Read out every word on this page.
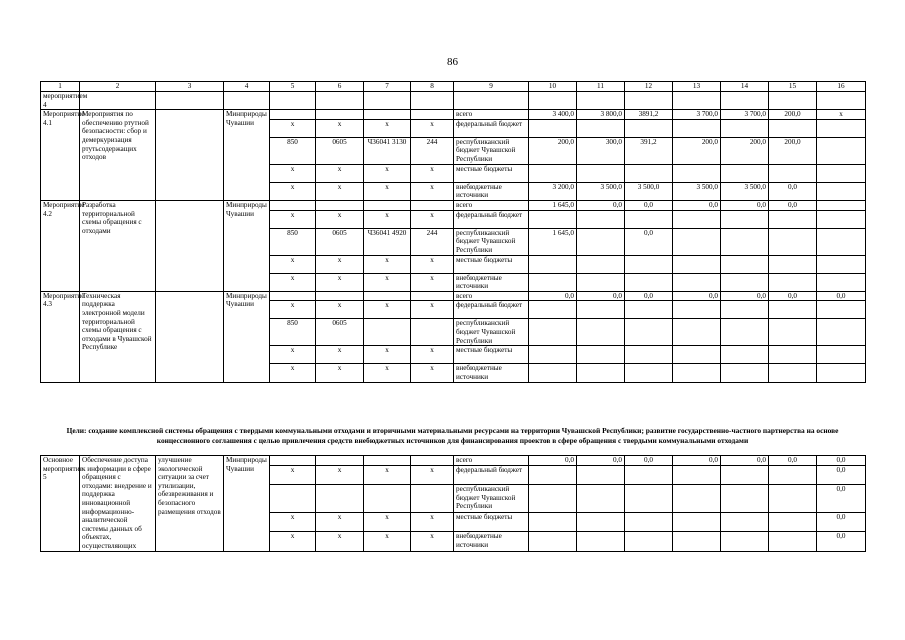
86
1	2	3	4	5	6	7	8	9	10	11	12	13	14	15	16
мероприятием 4															
Мероприятие 4.1	Мероприятия по обеспечению ртутной безопасности: сбор и демеркуризация ртутьсодержащих отходов		Минприроды Чувашии					всего	3 400,0	3 800,0	3891,2	3 700,0	3 700,0	200,0	x
				x	x	x	x	федеральный бюджет							
				850	0605	Ч36041 3130	244	республиканский бюджет Чувашской Республики	200,0	300,0	391,2	200,0	200,0	200,0	
				x	x	x	x	местные бюджеты							
				x	x	x	x	внебюджетные источники	3 200,0	3 500,0	3 500,0	3 500,0	3 500,0	0,0	
Мероприятие 4.2	Разработка территориальной схемы обращения с отходами		Минприроды Чувашии					всего	1 645,0	0,0	0,0	0,0	0,0	0,0	
				x	x	x	x	федеральный бюджет							
				850	0605	Ч36041 4920	244	республиканский бюджет Чувашской Республики	1 645,0		0,0				
				x	x	x	x	местные бюджеты							
				x	x	x	x	внебюджетные источники							
Мероприятие 4.3	Техническая поддержка электронной модели территориальной схемы обращения с отходами в Чувашской Республике		Минприроды Чувашии					всего	0,0	0,0	0,0	0,0	0,0	0,0	0,0
				x	x	x	x	федеральный бюджет							
				850	0605			республиканский бюджет Чувашской Республики							
				x	x	x	x	местные бюджеты							
				x	x	x	x	внебюджетные источники							
Цели: создание комплексной системы обращения с твердыми коммунальными отходами и вторичными материальными ресурсами на территории Чувашской Республики; развитие государственно-частного партнерства на основе концессионного соглашения с целью привлечения средств внебюджетных источников для финансирования проектов в сфере обращения с твердыми коммунальными отходами
Основное мероприятие 5	Обеспечение доступа к информации в сфере обращения с отходами: внедрение и поддержка инновационной информационно-аналитической системы данных об объектах, осуществляющих	улучшение экологической ситуации за счет утилизации, обезвреживания и безопасного размещения отходов	Минприроды Чувашии					всего	0,0	0,0	0,0	0,0	0,0	0,0	0,0
				x	x	x	x	федеральный бюджет							0,0
								республиканский бюджет Чувашской Республики							0,0
				x	x	x	x	местные бюджеты							0,0
				x	x	x	x	внебюджетные источники							0,0
